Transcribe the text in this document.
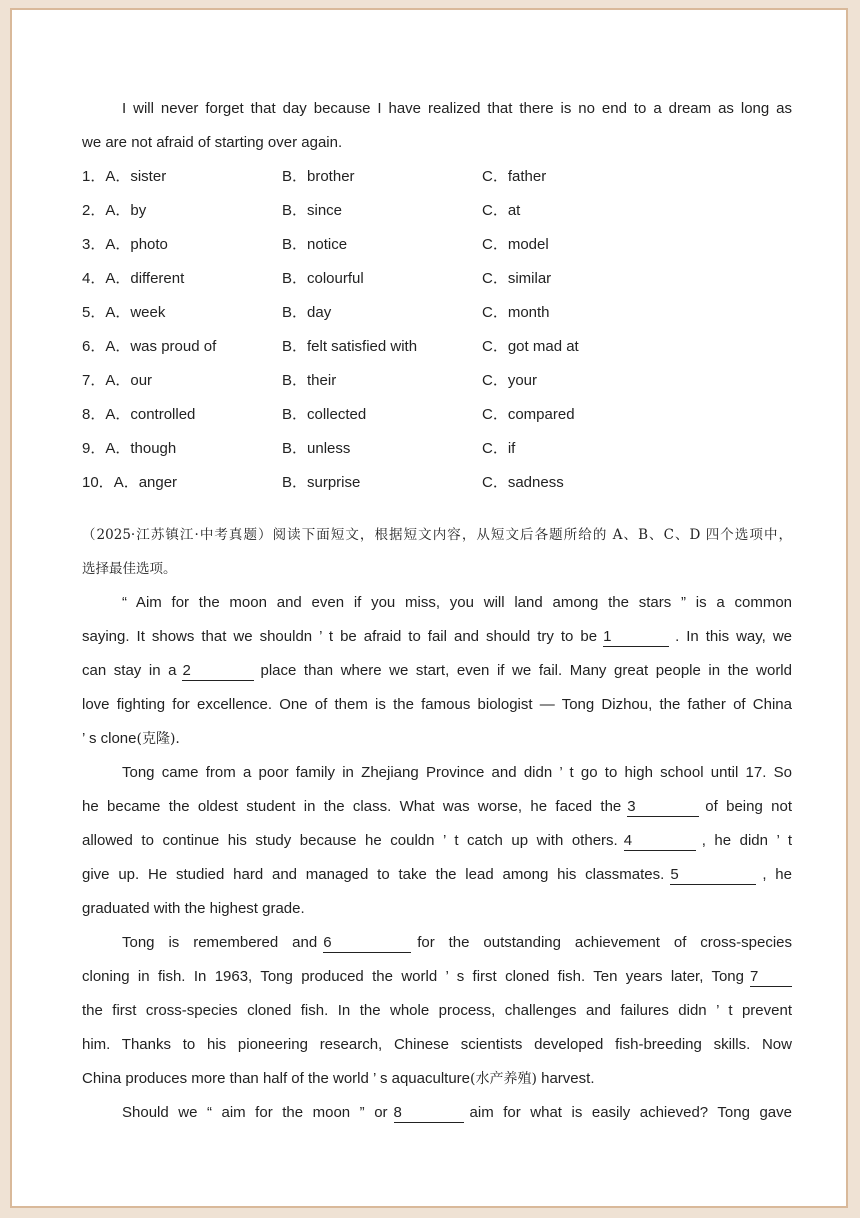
I will never forget that day because I have realized that there is no end to a dream as long as

we are not afraid of starting over again.

1．A．sister	B．brother	C．father
2．A．by	B．since	C．at
3．A．photo	B．notice	C．model
4．A．different	B．colourful	C．similar
5．A．week	B．day	C．month
6．A．was proud of	B．felt satisfied with	C．got mad at
7．A．our	B．their	C．your
8．A．controlled	B．collected	C．compared
9．A．though	B．unless	C．if
10．A．anger	B．surprise	C．sadness

（2025·江苏镇江·中考真题）阅读下面短文，根据短文内容，从短文后各题所给的 A、B、C、D 四个选项中，

选择最佳选项。

“ Aim for the moon and even if you miss, you will land among the stars ” is a common

saying. It shows that we shouldn ’ t be afraid to fail and should try to be 1	. In this way, we

can stay in a 2	place than where we start, even if we fail. Many great people in the world

love fighting for excellence. One of them is the famous biologist — Tong Dizhou, the father of China

’ s clone(克隆).

Tong came from a poor family in Zhejiang Province and didn ’ t go to high school until 17. So

he became the oldest student in the class. What was worse, he faced the 3	of being not

allowed to continue his study because he couldn ’ t catch up with others. 4	, he didn ’ t

give up. He studied hard and managed to take the lead among his classmates. 5	, he

graduated with the highest grade.

Tong is remembered and 6	for the outstanding achievement of cross-species

cloning in fish. In 1963, Tong produced the world ’ s first cloned fish. Ten years later, Tong 7

the first cross-species cloned fish. In the whole process, challenges and failures didn ’ t prevent

him. Thanks to his pioneering research, Chinese scientists developed fish-breeding skills. Now

China produces more than half of the world ’ s aquaculture(水产养殖) harvest.

Should we “ aim for the moon ” or 8	aim for what is easily achieved? Tong gave
